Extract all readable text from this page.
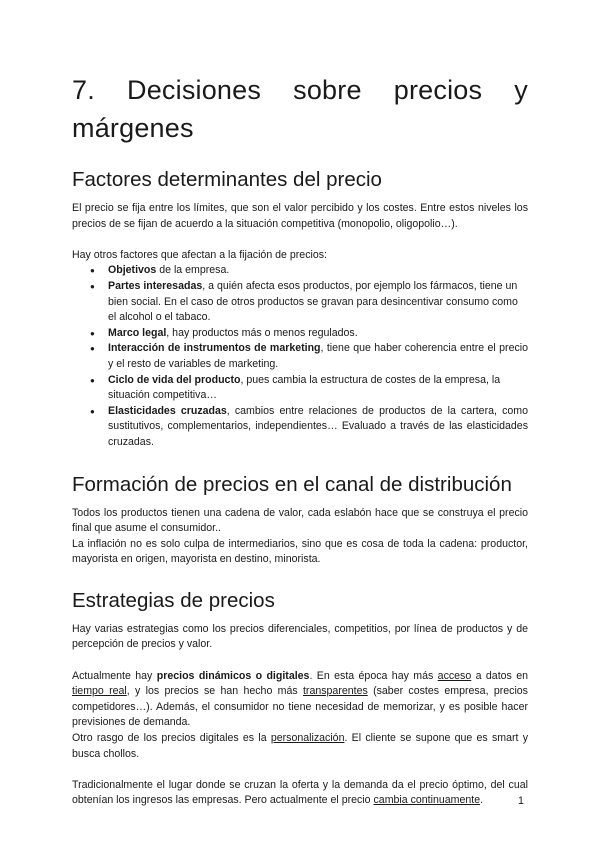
7. Decisiones sobre precios y márgenes
Factores determinantes del precio

El precio se fija entre los límites, que son el valor percibido y los costes. Entre estos niveles los precios de se fijan de acuerdo a la situación competitiva (monopolio, oligopolio…).

Hay otros factores que afectan a la fijación de precios:

● Objetivos de la empresa.
● Partes interesadas, a quién afecta esos productos, por ejemplo los fármacos, tiene un bien social. En el caso de otros productos se gravan para desincentivar consumo como el alcohol o el tabaco.
● Marco legal, hay productos más o menos regulados.
● Interacción de instrumentos de marketing, tiene que haber coherencia entre el precio y el resto de variables de marketing.
● Ciclo de vida del producto, pues cambia la estructura de costes de la empresa, la situación competitiva…
● Elasticidades cruzadas, cambios entre relaciones de productos de la cartera, como sustitutivos, complementarios, independientes… Evaluado a través de las elasticidades cruzadas.
Formación de precios en el canal de distribución

Todos los productos tienen una cadena de valor, cada eslabón hace que se construya el precio final que asume el consumidor..

La inflación no es solo culpa de intermediarios, sino que es cosa de toda la cadena: productor, mayorista en origen, mayorista en destino, minorista.

Estrategias de precios

Hay varias estrategias como los precios diferenciales, competitios, por línea de productos y de percepción de precios y valor.

Actualmente hay precios dinámicos o digitales. En esta época hay más acceso a datos en tiempo real, y los precios se han hecho más transparentes (saber costes empresa, precios competidores…). Además, el consumidor no tiene necesidad de memorizar, y es posible hacer previsiones de demanda.

Otro rasgo de los precios digitales es la personalización. El cliente se supone que es smart y busca chollos.

Tradicionalmente el lugar donde se cruzan la oferta y la demanda da el precio óptimo, del cual obtenían los ingresos las empresas. Pero actualmente el precio cambia continuamente.	1
